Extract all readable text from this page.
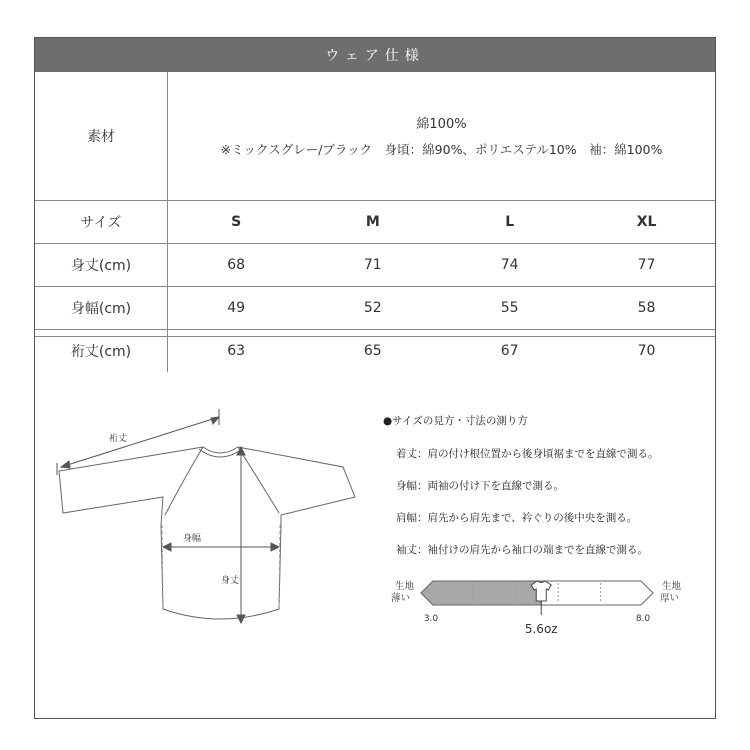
ウェア仕様
素材	綿100%
※ミックスグレー/ブラック　身頃：綿90%、ポリエステル10%　袖：綿100%			

サイズ	S	M	L	XL
身丈(cm)	68	71	74	77
身幅(cm)	49	52	55	58
裄丈(cm)	63	65	67	70
裄丈
身幅
身丈
●サイズの見方・寸法の測り方
着丈：肩の付け根位置から後身頃裾までを直線で測る。
身幅：両袖の付け下を直線で測る。
肩幅：肩先から肩先まで、衿ぐりの後中央を測る。
袖丈：袖付けの肩先から袖口の端までを直線で測る。
生地
薄い
生地
厚い
3.0	8.0
5.6oz
